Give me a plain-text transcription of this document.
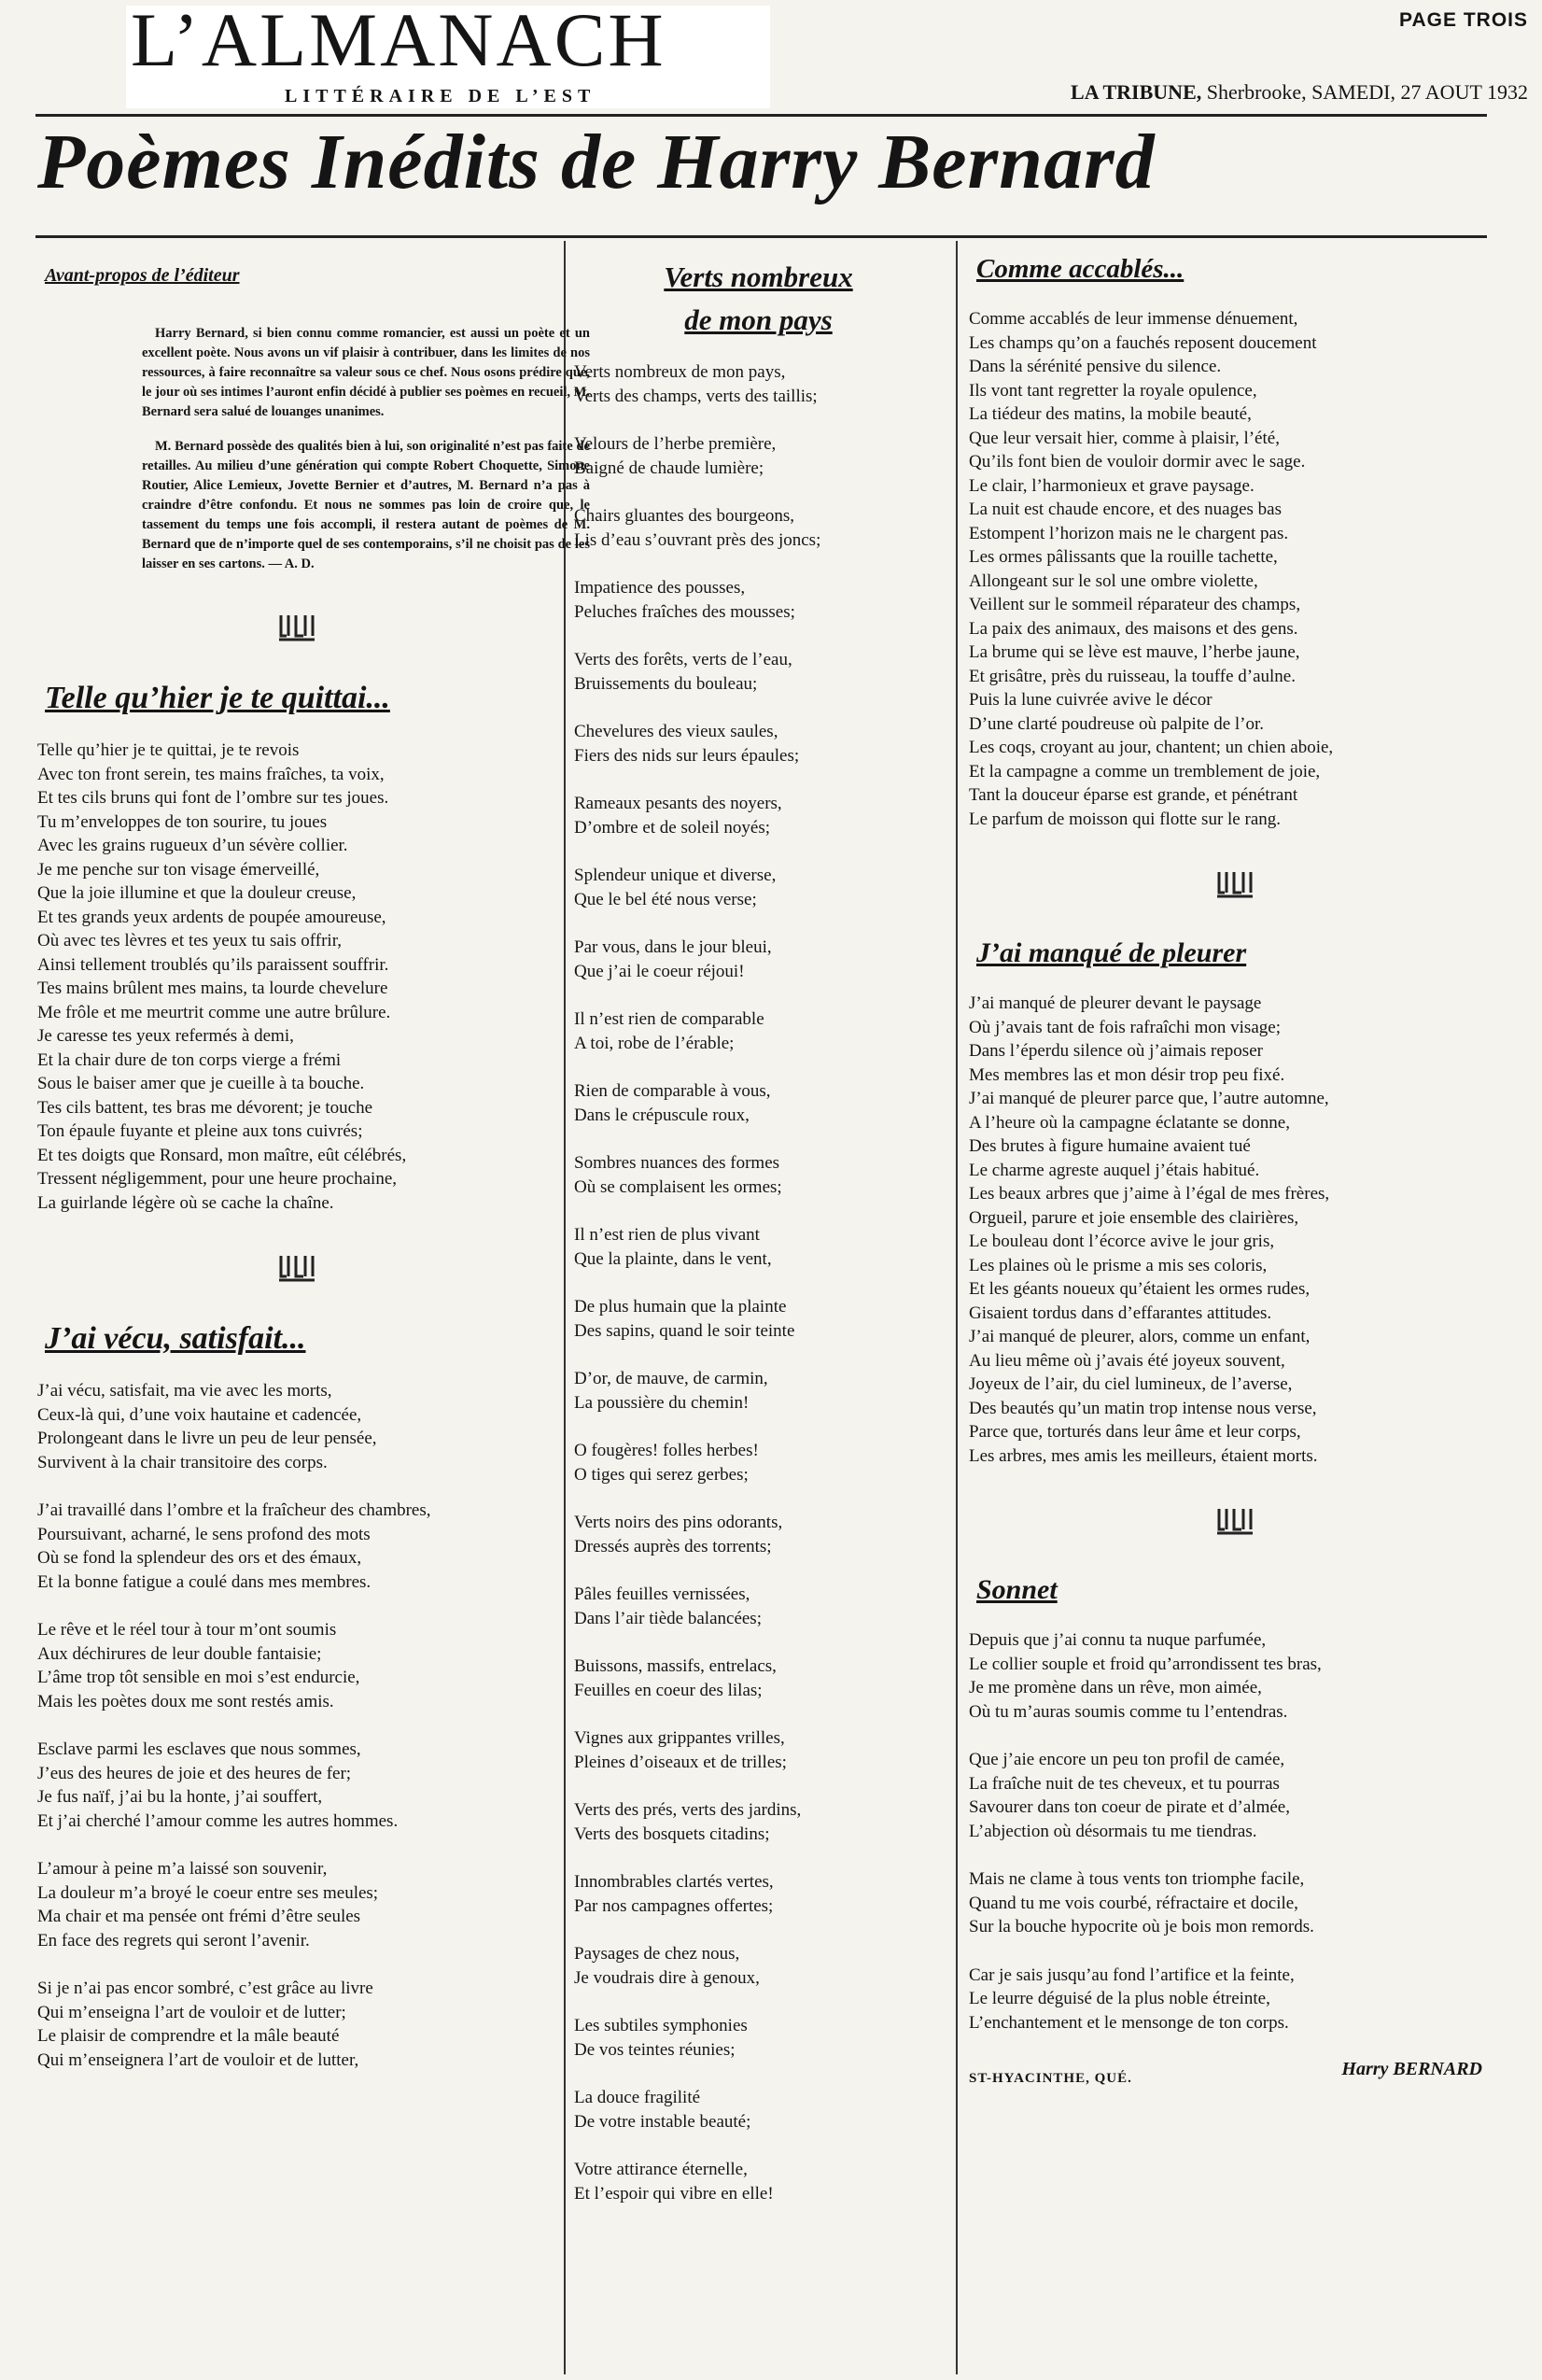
L’ALMANACH
LITTÉRAIRE DE L’EST
PAGE TROIS
LA TRIBUNE, Sherbrooke, SAMEDI, 27 AOUT 1932
Poèmes Inédits de Harry Bernard
Avant-propos de l’éditeur

Harry Bernard, si bien connu comme romancier, est aussi un poète et un excellent poète. Nous avons un vif plaisir à contribuer, dans les limites de nos ressources, à faire reconnaître sa valeur sous ce chef. Nous osons prédire que, le jour où ses intimes l’auront enfin décidé à publier ses poèmes en recueil, M. Bernard sera salué de louanges unanimes.

M. Bernard possède des qualités bien à lui, son originalité n’est pas faite de retailles. Au milieu d’une génération qui compte Robert Choquette, Simone Routier, Alice Lemieux, Jovette Bernier et d’autres, M. Bernard n’a pas à craindre d’être confondu. Et nous ne sommes pas loin de croire que, le tassement du temps une fois accompli, il restera autant de poèmes de M. Bernard que de n’importe quel de ses contemporains, s’il ne choisit pas de les laisser en ses cartons. — A. D.

Telle qu’hier je te quittai...
Telle qu’hier je te quittai, je te revois
Avec ton front serein, tes mains fraîches, ta voix,
Et tes cils bruns qui font de l’ombre sur tes joues.
Tu m’enveloppes de ton sourire, tu joues
Avec les grains rugueux d’un sévère collier.
Je me penche sur ton visage émerveillé,
Que la joie illumine et que la douleur creuse,
Et tes grands yeux ardents de poupée amoureuse,
Où avec tes lèvres et tes yeux tu sais offrir,
Ainsi tellement troublés qu’ils paraissent souffrir.
Tes mains brûlent mes mains, ta lourde chevelure
Me frôle et me meurtrit comme une autre brûlure.
Je caresse tes yeux refermés à demi,
Et la chair dure de ton corps vierge a frémi
Sous le baiser amer que je cueille à ta bouche.
Tes cils battent, tes bras me dévorent; je touche
Ton épaule fuyante et pleine aux tons cuivrés;
Et tes doigts que Ronsard, mon maître, eût célébrés,
Tressent négligemment, pour une heure prochaine,
La guirlande légère où se cache la chaîne.
J’ai vécu, satisfait...
J’ai vécu, satisfait, ma vie avec les morts,
Ceux-là qui, d’une voix hautaine et cadencée,
Prolongeant dans le livre un peu de leur pensée,
Survivent à la chair transitoire des corps.
J’ai travaillé dans l’ombre et la fraîcheur des chambres,
Poursuivant, acharné, le sens profond des mots
Où se fond la splendeur des ors et des émaux,
Et la bonne fatigue a coulé dans mes membres.
Le rêve et le réel tour à tour m’ont soumis
Aux déchirures de leur double fantaisie;
L’âme trop tôt sensible en moi s’est endurcie,
Mais les poètes doux me sont restés amis.
Esclave parmi les esclaves que nous sommes,
J’eus des heures de joie et des heures de fer;
Je fus naïf, j’ai bu la honte, j’ai souffert,
Et j’ai cherché l’amour comme les autres hommes.
L’amour à peine m’a laissé son souvenir,
La douleur m’a broyé le coeur entre ses meules;
Ma chair et ma pensée ont frémi d’être seules
En face des regrets qui seront l’avenir.
Si je n’ai pas encor sombré, c’est grâce au livre
Qui m’enseigna l’art de vouloir et de lutter;
Le plaisir de comprendre et la mâle beauté
Qui m’enseignera l’art de vouloir et de lutter,
Verts nombreux
de mon pays
Verts nombreux de mon pays,
Verts des champs, verts des taillis;
Velours de l’herbe première,
Baigné de chaude lumière;
Chairs gluantes des bourgeons,
Lis d’eau s’ouvrant près des joncs;
Impatience des pousses,
Peluches fraîches des mousses;
Verts des forêts, verts de l’eau,
Bruissements du bouleau;
Chevelures des vieux saules,
Fiers des nids sur leurs épaules;
Rameaux pesants des noyers,
D’ombre et de soleil noyés;
Splendeur unique et diverse,
Que le bel été nous verse;
Par vous, dans le jour bleui,
Que j’ai le coeur réjoui!
Il n’est rien de comparable
A toi, robe de l’érable;
Rien de comparable à vous,
Dans le crépuscule roux,
Sombres nuances des formes
Où se complaisent les ormes;
Il n’est rien de plus vivant
Que la plainte, dans le vent,
De plus humain que la plainte
Des sapins, quand le soir teinte
D’or, de mauve, de carmin,
La poussière du chemin!
O fougères! folles herbes!
O tiges qui serez gerbes;
Verts noirs des pins odorants,
Dressés auprès des torrents;
Pâles feuilles vernissées,
Dans l’air tiède balancées;
Buissons, massifs, entrelacs,
Feuilles en coeur des lilas;
Vignes aux grippantes vrilles,
Pleines d’oiseaux et de trilles;
Verts des prés, verts des jardins,
Verts des bosquets citadins;
Innombrables clartés vertes,
Par nos campagnes offertes;
Paysages de chez nous,
Je voudrais dire à genoux,
Les subtiles symphonies
De vos teintes réunies;
La douce fragilité
De votre instable beauté;
Votre attirance éternelle,
Et l’espoir qui vibre en elle!
Comme accablés...
Comme accablés de leur immense dénuement,
Les champs qu’on a fauchés reposent doucement
Dans la sérénité pensive du silence.
Ils vont tant regretter la royale opulence,
La tiédeur des matins, la mobile beauté,
Que leur versait hier, comme à plaisir, l’été,
Qu’ils font bien de vouloir dormir avec le sage.
Le clair, l’harmonieux et grave paysage.
La nuit est chaude encore, et des nuages bas
Estompent l’horizon mais ne le chargent pas.
Les ormes pâlissants que la rouille tachette,
Allongeant sur le sol une ombre violette,
Veillent sur le sommeil réparateur des champs,
La paix des animaux, des maisons et des gens.
La brume qui se lève est mauve, l’herbe jaune,
Et grisâtre, près du ruisseau, la touffe d’aulne.
Puis la lune cuivrée avive le décor
D’une clarté poudreuse où palpite de l’or.
Les coqs, croyant au jour, chantent; un chien aboie,
Et la campagne a comme un tremblement de joie,
Tant la douceur éparse est grande, et pénétrant
Le parfum de moisson qui flotte sur le rang.
J’ai manqué de pleurer
J’ai manqué de pleurer devant le paysage
Où j’avais tant de fois rafraîchi mon visage;
Dans l’éperdu silence où j’aimais reposer
Mes membres las et mon désir trop peu fixé.
J’ai manqué de pleurer parce que, l’autre automne,
A l’heure où la campagne éclatante se donne,
Des brutes à figure humaine avaient tué
Le charme agreste auquel j’étais habitué.
Les beaux arbres que j’aime à l’égal de mes frères,
Orgueil, parure et joie ensemble des clairières,
Le bouleau dont l’écorce avive le jour gris,
Les plaines où le prisme a mis ses coloris,
Et les géants noueux qu’étaient les ormes rudes,
Gisaient tordus dans d’effarantes attitudes.
J’ai manqué de pleurer, alors, comme un enfant,
Au lieu même où j’avais été joyeux souvent,
Joyeux de l’air, du ciel lumineux, de l’averse,
Des beautés qu’un matin trop intense nous verse,
Parce que, torturés dans leur âme et leur corps,
Les arbres, mes amis les meilleurs, étaient morts.
Sonnet
Depuis que j’ai connu ta nuque parfumée,
Le collier souple et froid qu’arrondissent tes bras,
Je me promène dans un rêve, mon aimée,
Où tu m’auras soumis comme tu l’entendras.
Que j’aie encore un peu ton profil de camée,
La fraîche nuit de tes cheveux, et tu pourras
Savourer dans ton coeur de pirate et d’almée,
L’abjection où désormais tu me tiendras.
Mais ne clame à tous vents ton triomphe facile,
Quand tu me vois courbé, réfractaire et docile,
Sur la bouche hypocrite où je bois mon remords.
Car je sais jusqu’au fond l’artifice et la feinte,
Le leurre déguisé de la plus noble étreinte,
L’enchantement et le mensonge de ton corps.
Harry BERNARD
ST-HYACINTHE, QUÉ.
